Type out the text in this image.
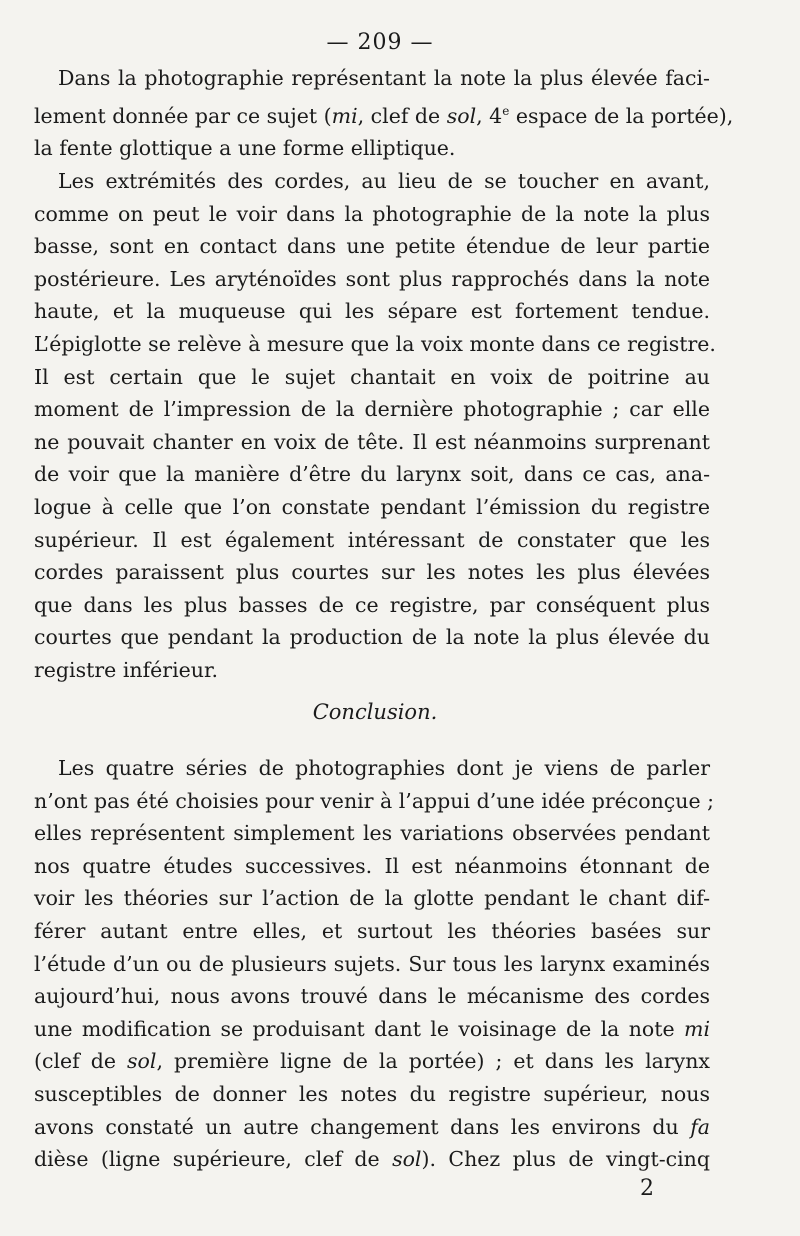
— 209 —
Dans la photographie représentant la note la plus élevée faci-
lement donnée par ce sujet (mi, clef de sol, 4e espace de la portée),
la fente glottique a une forme elliptique.
Les extrémités des cordes, au lieu de se toucher en avant,
comme on peut le voir dans la photographie de la note la plus
basse, sont en contact dans une petite étendue de leur partie
postérieure. Les aryténoïdes sont plus rapprochés dans la note
haute, et la muqueuse qui les sépare est fortement tendue.
L’épiglotte se relève à mesure que la voix monte dans ce registre.
Il est certain que le sujet chantait en voix de poitrine au
moment de l’impression de la dernière photographie ; car elle
ne pouvait chanter en voix de tête. Il est néanmoins surprenant
de voir que la manière d’être du larynx soit, dans ce cas, ana-
logue à celle que l’on constate pendant l’émission du registre
supérieur. Il est également intéressant de constater que les
cordes paraissent plus courtes sur les notes les plus élevées
que dans les plus basses de ce registre, par conséquent plus
courtes que pendant la production de la note la plus élevée du
registre inférieur.
Conclusion.
Les quatre séries de photographies dont je viens de parler
n’ont pas été choisies pour venir à l’appui d’une idée préconçue ;
elles représentent simplement les variations observées pendant
nos quatre études successives. Il est néanmoins étonnant de
voir les théories sur l’action de la glotte pendant le chant dif-
férer autant entre elles, et surtout les théories basées sur
l’étude d’un ou de plusieurs sujets. Sur tous les larynx examinés
aujourd’hui, nous avons trouvé dans le mécanisme des cordes
une modification se produisant dant le voisinage de la note mi
(clef de sol, première ligne de la portée) ; et dans les larynx
susceptibles de donner les notes du registre supérieur, nous
avons constaté un autre changement dans les environs du fa
dièse (ligne supérieure, clef de sol). Chez plus de vingt-cinq
2
